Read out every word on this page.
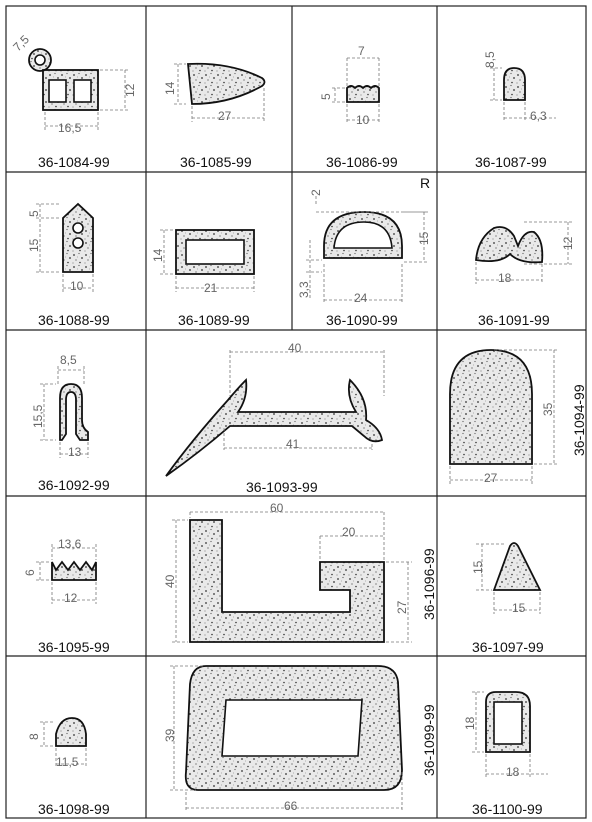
7,5
12
16,5
36-1084-99
14
27
36-1085-99
7
5
10
36-1086-99
8,5
6,3
36-1087-99
5
15
10
36-1088-99
14
21
36-1089-99
2
15
3,3	24
R
36-1090-99
12
18
36-1091-99
8,5
15,5
13
36-1092-99
40
41
36-1093-99
35
27
36-1094-99
13,6
6
12
36-1095-99
60
20
40
27 36-1096-99	15
15
36-1097-99
8
11,5
36-1098-99
39
66
36-1099-99 18
18
36-1100-99
